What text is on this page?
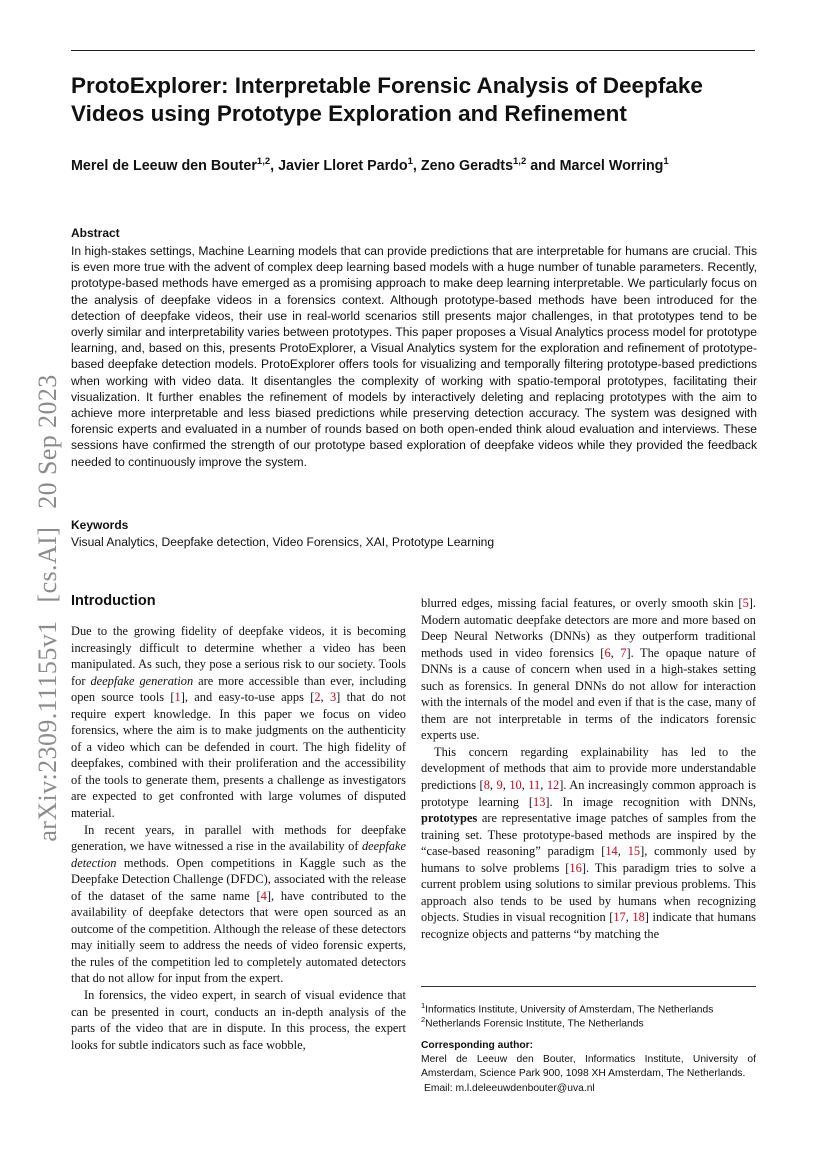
arXiv:2309.11155v1[cs.AI]20 Sep 2023
ProtoExplorer: Interpretable Forensic Analysis of Deepfake Videos using Prototype Exploration and Refinement
Merel de Leeuw den Bouter$^{1,2}$, Javier Lloret Pardo$^1$, Zeno Geradts$^{1,2}$ and Marcel Worring$^1$
Abstract

In high-stakes settings, Machine Learning models that can provide predictions that are interpretable for humans are crucial. This is even more true with the advent of complex deep learning based models with a huge number of tunable parameters. Recently, prototype-based methods have emerged as a promising approach to make deep learning interpretable. We particularly focus on the analysis of deepfake videos in a forensics context. Although prototype-based methods have been introduced for the detection of deepfake videos, their use in real-world scenarios still presents major challenges, in that prototypes tend to be overly similar and interpretability varies between prototypes. This paper proposes a Visual Analytics process model for prototype learning, and, based on this, presents ProtoExplorer, a Visual Analytics system for the exploration and refinement of prototype-based deepfake detection models. ProtoExplorer offers tools for visualizing and temporally filtering prototype-based predictions when working with video data. It disentangles the complexity of working with spatio-temporal prototypes, facilitating their visualization. It further enables the refinement of models by interactively deleting and replacing prototypes with the aim to achieve more interpretable and less biased predictions while preserving detection accuracy. The system was designed with forensic experts and evaluated in a number of rounds based on both open-ended think aloud evaluation and interviews. These sessions have confirmed the strength of our prototype based exploration of deepfake videos while they provided the feedback needed to continuously improve the system.

Keywords
Visual Analytics, Deepfake detection, Video Forensics, XAI, Prototype Learning
Introduction

Due to the growing fidelity of deepfake videos, it is becoming increasingly difficult to determine whether a video has been manipulated. As such, they pose a serious risk to our society. Tools for deepfake generation are more accessible than ever, including open source tools [1], and easy-to-use apps [2, 3] that do not require expert knowledge. In this paper we focus on video forensics, where the aim is to make judgments on the authenticity of a video which can be defended in court. The high fidelity of deepfakes, combined with their proliferation and the accessibility of the tools to generate them, presents a challenge as investigators are expected to get confronted with large volumes of disputed material.

In recent years, in parallel with methods for deepfake generation, we have witnessed a rise in the availability of deepfake detection methods. Open competitions in Kaggle such as the Deepfake Detection Challenge (DFDC), associated with the release of the dataset of the same name [4], have contributed to the availability of deepfake detectors that were open sourced as an outcome of the competition. Although the release of these detectors may initially seem to address the needs of video forensic experts, the rules of the competition led to completely automated detectors that do not allow for input from the expert.

In forensics, the video expert, in search of visual evidence that can be presented in court, conducts an in-depth analysis of the parts of the video that are in dispute. In this process, the expert looks for subtle indicators such as face wobble,

blurred edges, missing facial features, or overly smooth skin [5]. Modern automatic deepfake detectors are more and more based on Deep Neural Networks (DNNs) as they outperform traditional methods used in video forensics [6, 7]. The opaque nature of DNNs is a cause of concern when used in a high-stakes setting such as forensics. In general DNNs do not allow for interaction with the internals of the model and even if that is the case, many of them are not interpretable in terms of the indicators forensic experts use.

This concern regarding explainability has led to the development of methods that aim to provide more understandable predictions [8, 9, 10, 11, 12]. An increasingly common approach is prototype learning [13]. In image recognition with DNNs, prototypes are representative image patches of samples from the training set. These prototype-based methods are inspired by the “case-based reasoning” paradigm [14, 15], commonly used by humans to solve problems [16]. This paradigm tries to solve a current problem using solutions to similar previous problems. This approach also tends to be used by humans when recognizing objects. Studies in visual recognition [17, 18] indicate that humans recognize objects and patterns “by matching the

$^1$Informatics Institute, University of Amsterdam, The Netherlands
$^2$Netherlands Forensic Institute, The Netherlands
Corresponding author:

Merel de Leeuw den Bouter, Informatics Institute, University of Amsterdam, Science Park 900, 1098 XH Amsterdam, The Netherlands.

Email: m.l.deleeuwdenbouter@uva.nl
